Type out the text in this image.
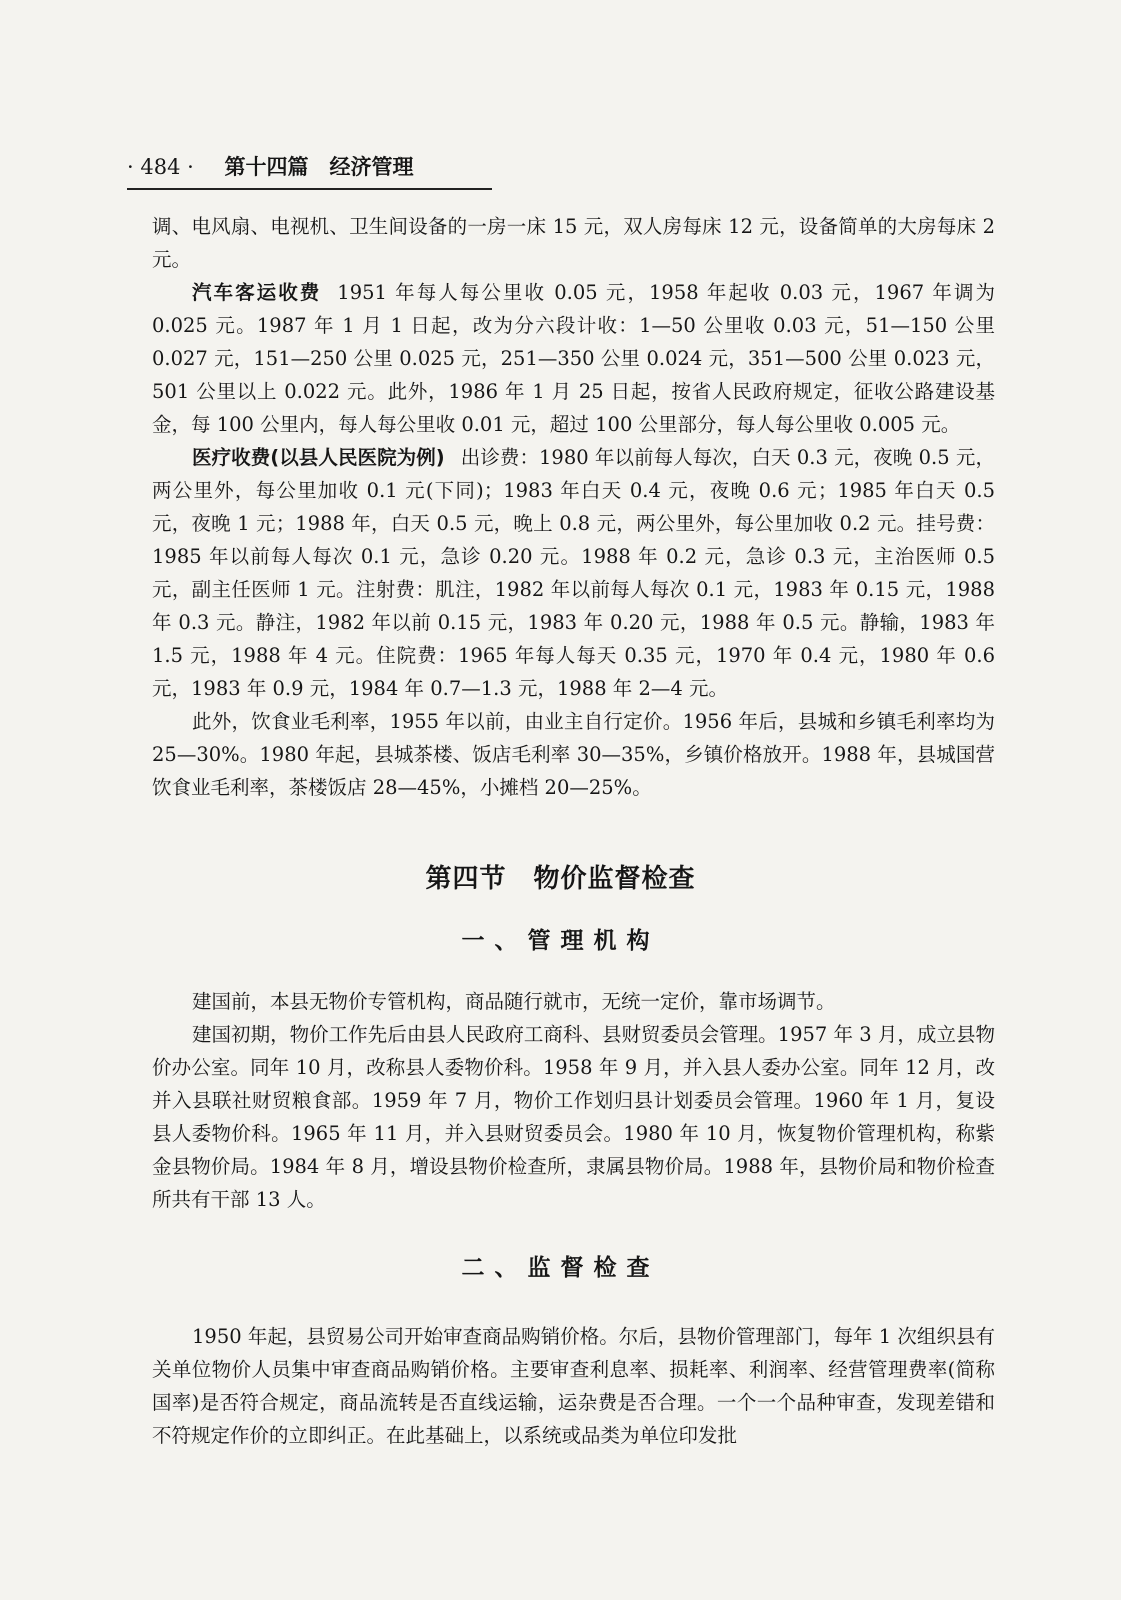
· 484 · 第十四篇　经济管理

调、电风扇、电视机、卫生间设备的一房一床 15 元，双人房每床 12 元，设备简单的大房每床 2 元。

汽车客运收费 1951 年每人每公里收 0.05 元，1958 年起收 0.03 元，1967 年调为 0.025 元。1987 年 1 月 1 日起，改为分六段计收：1—50 公里收 0.03 元，51—150 公里 0.027 元，151—250 公里 0.025 元，251—350 公里 0.024 元，351—500 公里 0.023 元，501 公里以上 0.022 元。此外，1986 年 1 月 25 日起，按省人民政府规定，征收公路建设基金，每 100 公里内，每人每公里收 0.01 元，超过 100 公里部分，每人每公里收 0.005 元。

医疗收费(以县人民医院为例) 出诊费：1980 年以前每人每次，白天 0.3 元，夜晚 0.5 元，两公里外，每公里加收 0.1 元(下同)；1983 年白天 0.4 元，夜晚 0.6 元；1985 年白天 0.5 元，夜晚 1 元；1988 年，白天 0.5 元，晚上 0.8 元，两公里外，每公里加收 0.2 元。挂号费：1985 年以前每人每次 0.1 元，急诊 0.20 元。1988 年 0.2 元，急诊 0.3 元，主治医师 0.5 元，副主任医师 1 元。注射费：肌注，1982 年以前每人每次 0.1 元，1983 年 0.15 元，1988 年 0.3 元。静注，1982 年以前 0.15 元，1983 年 0.20 元，1988 年 0.5 元。静输，1983 年 1.5 元，1988 年 4 元。住院费：1965 年每人每天 0.35 元，1970 年 0.4 元，1980 年 0.6 元，1983 年 0.9 元，1984 年 0.7—1.3 元，1988 年 2—4 元。

此外，饮食业毛利率，1955 年以前，由业主自行定价。1956 年后，县城和乡镇毛利率均为 25—30%。1980 年起，县城茶楼、饭店毛利率 30—35%，乡镇价格放开。1988 年，县城国营饮食业毛利率，茶楼饭店 28—45%，小摊档 20—25%。

第四节　物价监督检查
一、管理机构

建国前，本县无物价专管机构，商品随行就市，无统一定价，靠市场调节。

建国初期，物价工作先后由县人民政府工商科、县财贸委员会管理。1957 年 3 月，成立县物价办公室。同年 10 月，改称县人委物价科。1958 年 9 月，并入县人委办公室。同年 12 月，改并入县联社财贸粮食部。1959 年 7 月，物价工作划归县计划委员会管理。1960 年 1 月，复设县人委物价科。1965 年 11 月，并入县财贸委员会。1980 年 10 月，恢复物价管理机构，称紫金县物价局。1984 年 8 月，增设县物价检查所，隶属县物价局。1988 年，县物价局和物价检查所共有干部 13 人。

二、监督检查

1950 年起，县贸易公司开始审查商品购销价格。尔后，县物价管理部门，每年 1 次组织县有关单位物价人员集中审查商品购销价格。主要审查利息率、损耗率、利润率、经营管理费率(简称国率)是否符合规定，商品流转是否直线运输，运杂费是否合理。一个一个品种审查，发现差错和不符规定作价的立即纠正。在此基础上，以系统或品类为单位印发批
